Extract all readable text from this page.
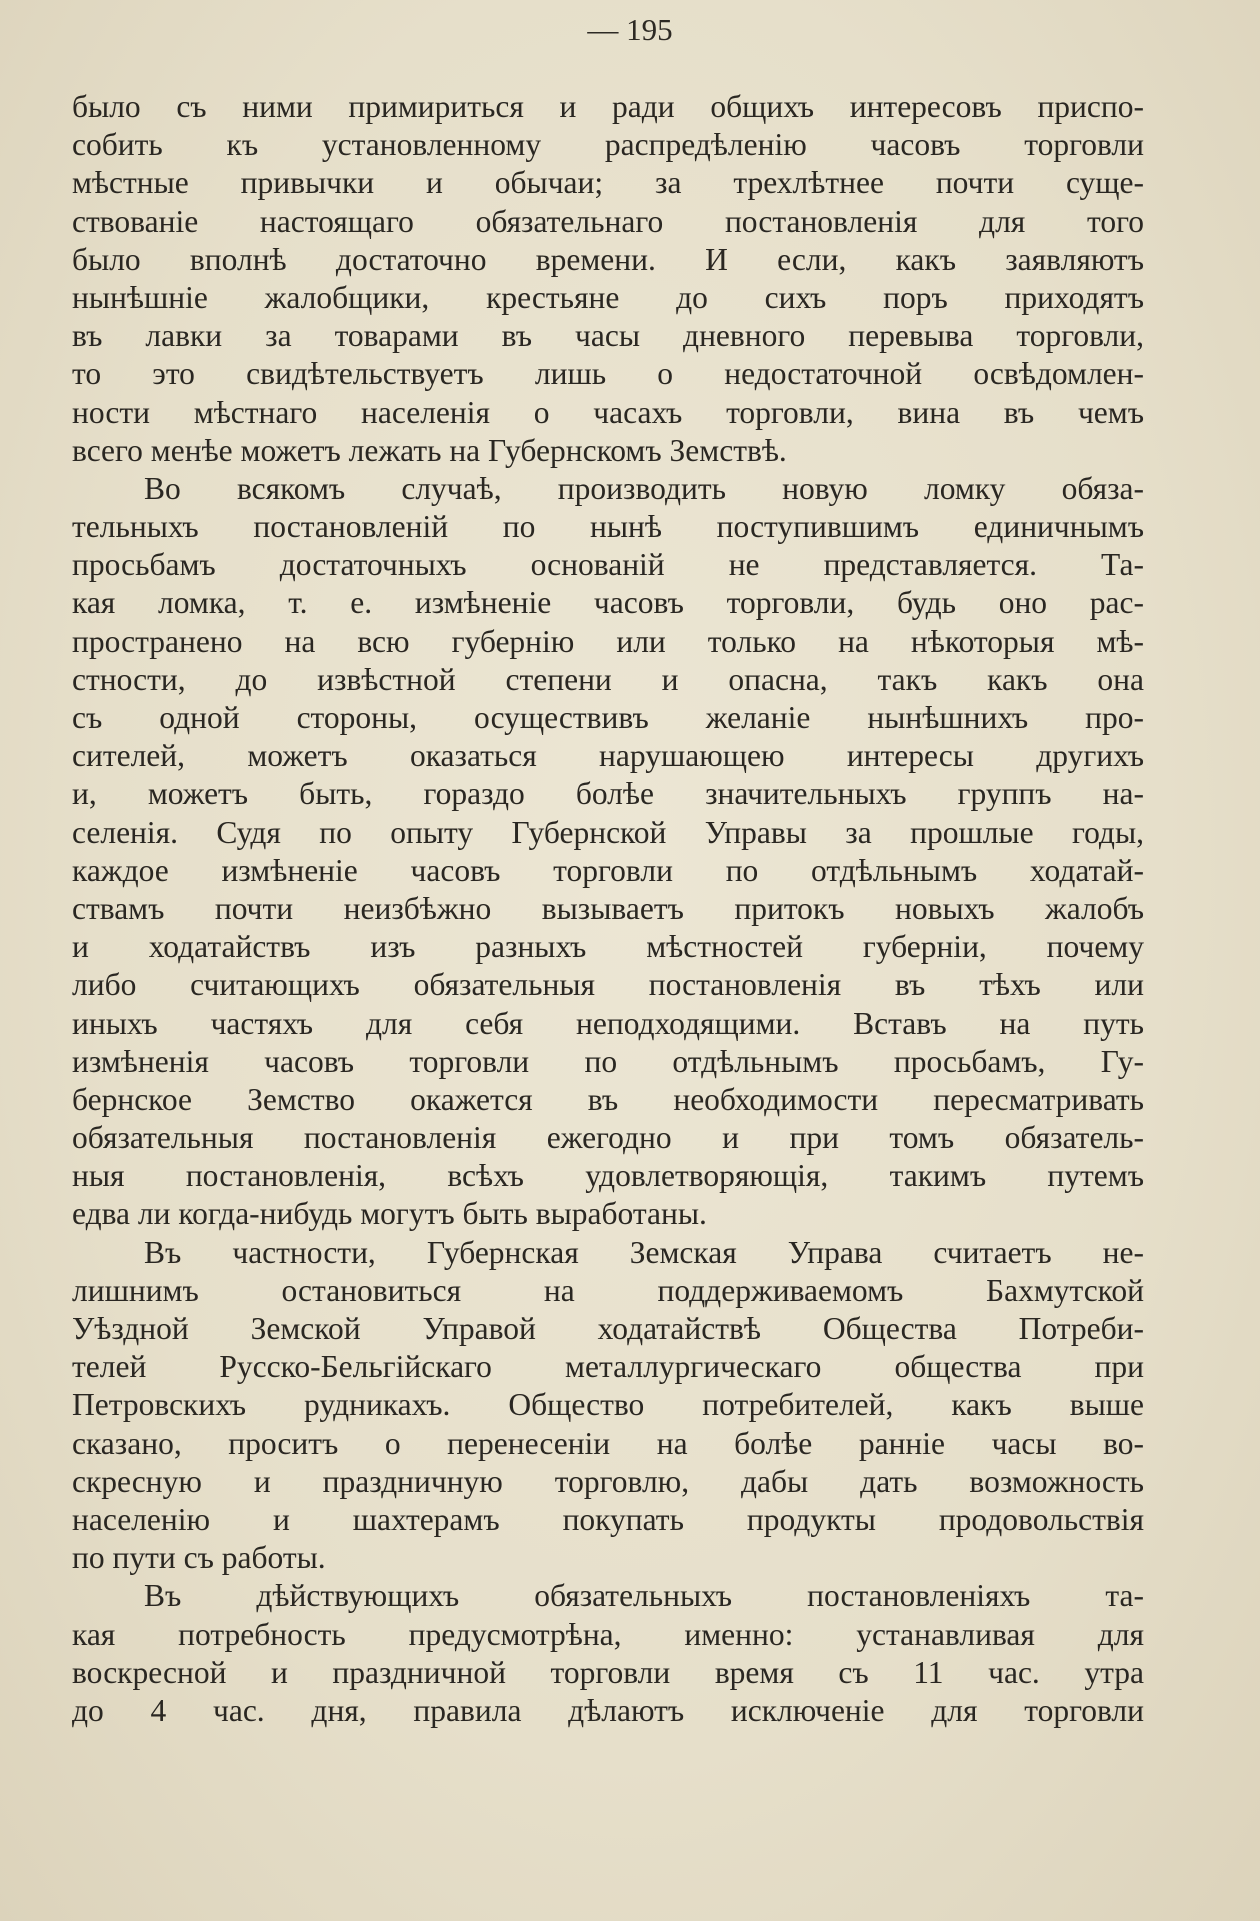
— 195
было съ ними примириться и ради общихъ интересовъ приспо-
собить къ установленному распредѣленію часовъ торговли
мѣстные привычки и обычаи; за трехлѣтнее почти суще-
ствованіе настоящаго обязательнаго постановленія для того
было вполнѣ достаточно времени. И если, какъ заявляютъ
нынѣшніе жалобщики, крестьяне до сихъ поръ приходятъ
въ лавки за товарами въ часы дневного перевыва торговли,
то это свидѣтельствуетъ лишь о недостаточной освѣдомлен-
ности мѣстнаго населенія о часахъ торговли, вина въ чемъ
всего менѣе можетъ лежать на Губернскомъ Земствѣ.
Во всякомъ случаѣ, производить новую ломку обяза-
тельныхъ постановленій по нынѣ поступившимъ единичнымъ
просьбамъ достаточныхъ основаній не представляется. Та-
кая ломка, т. е. измѣненіе часовъ торговли, будь оно рас-
пространено на всю губернію или только на нѣкоторыя мѣ-
стности, до извѣстной степени и опасна, такъ какъ она
съ одной стороны, осуществивъ желаніе нынѣшнихъ про-
сителей, можетъ оказаться нарушающею интересы другихъ
и, можетъ быть, гораздо болѣе значительныхъ группъ на-
селенія. Судя по опыту Губернской Управы за прошлые годы,
каждое измѣненіе часовъ торговли по отдѣльнымъ ходатай-
ствамъ почти неизбѣжно вызываетъ притокъ новыхъ жалобъ
и ходатайствъ изъ разныхъ мѣстностей губерніи, почему
либо считающихъ обязательныя постановленія въ тѣхъ или
иныхъ частяхъ для себя неподходящими. Вставъ на путь
измѣненія часовъ торговли по отдѣльнымъ просьбамъ, Гу-
бернское Земство окажется въ необходимости пересматривать
обязательныя постановленія ежегодно и при томъ обязатель-
ныя постановленія, всѣхъ удовлетворяющія, такимъ путемъ
едва ли когда-нибудь могутъ быть выработаны.
Въ частности, Губернская Земская Управа считаетъ не-
лишнимъ остановиться на поддерживаемомъ Бахмутской
Уѣздной Земской Управой ходатайствѣ Общества Потреби-
телей Русско-Бельгійскаго металлургическаго общества при
Петровскихъ рудникахъ. Общество потребителей, какъ выше
сказано, проситъ о перенесеніи на болѣе ранніе часы во-
скресную и праздничную торговлю, дабы дать возможность
населенію и шахтерамъ покупать продукты продовольствія
по пути съ работы.
Въ дѣйствующихъ обязательныхъ постановленіяхъ та-
кая потребность предусмотрѣна, именно: устанавливая для
воскресной и праздничной торговли время съ 11 час. утра
до 4 час. дня, правила дѣлаютъ исключеніе для торговли
